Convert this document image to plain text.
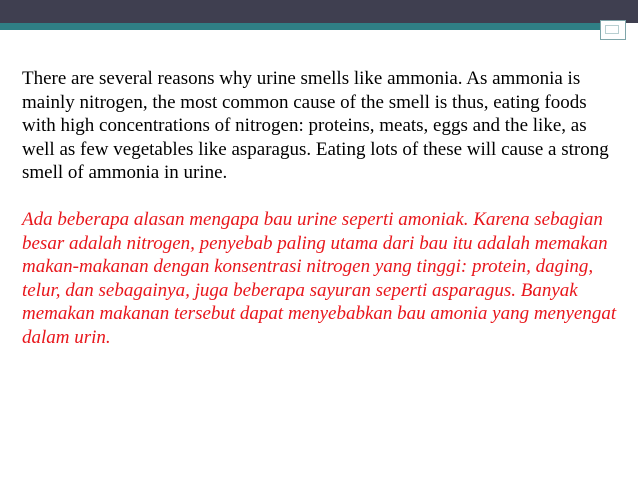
There are several reasons why urine smells like ammonia. As ammonia is mainly nitrogen, the most common cause of the smell is thus, eating foods with high concentrations of nitrogen: proteins, meats, eggs and the like, as well as few vegetables like asparagus. Eating lots of these will cause a strong smell of ammonia in urine.

Ada beberapa alasan mengapa bau urine seperti amoniak. Karena sebagian besar adalah nitrogen, penyebab paling utama dari bau itu adalah memakan makan-makanan dengan konsentrasi nitrogen yang tinggi: protein, daging, telur, dan sebagainya, juga beberapa sayuran seperti asparagus. Banyak memakan makanan tersebut dapat menyebabkan bau amonia yang menyengat dalam urin.
